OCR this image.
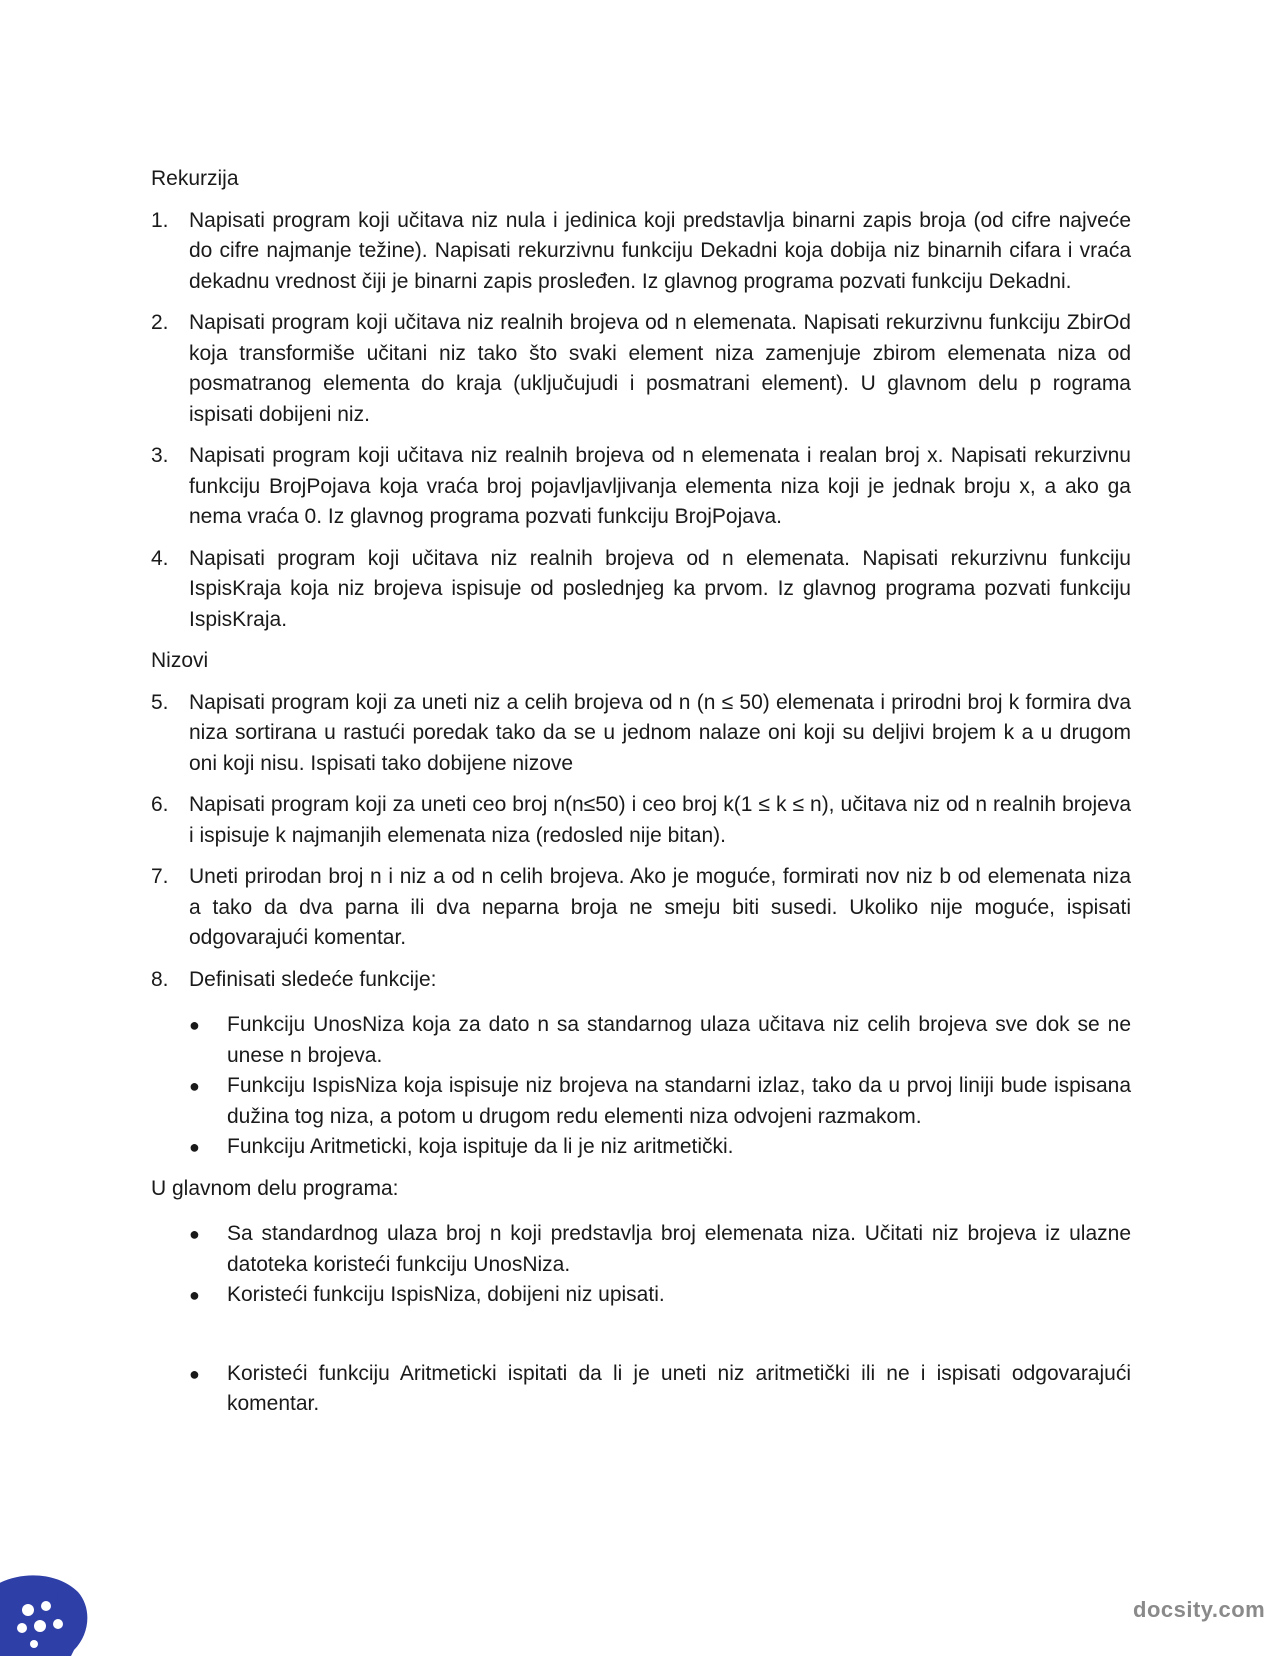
Rekurzija

1. Napisati program koji učitava niz nula i jedinica koji predstavlja binarni zapis broja (od cifre najveće do cifre najmanje težine). Napisati rekurzivnu funkciju Dekadni koja dobija niz binarnih cifara i vraća dekadnu vrednost čiji je binarni zapis prosleđen. Iz glavnog programa pozvati funkciju Dekadni.
2. Napisati program koji učitava niz realnih brojeva od n elemenata. Napisati rekurzivnu funkciju ZbirOd koja transformiše učitani niz tako što svaki element niza zamenjuje zbirom elemenata niza od posmatranog elementa do kraja (uključujudi i posmatrani element). U glavnom delu p rograma ispisati dobijeni niz.
3. Napisati program koji učitava niz realnih brojeva od n elemenata i realan broj x. Napisati rekurzivnu funkciju BrojPojava koja vraća broj pojavljavljivanja elementa niza koji je jednak broju x, a ako ga nema vraća 0. Iz glavnog programa pozvati funkciju BrojPojava.
4. Napisati program koji učitava niz realnih brojeva od n elemenata. Napisati rekurzivnu funkciju IspisKraja koja niz brojeva ispisuje od poslednjeg ka prvom. Iz glavnog programa pozvati funkciju IspisKraja.

Nizovi

5. Napisati program koji za uneti niz a celih brojeva od n (n ≤ 50) elemenata i prirodni broj k formira dva niza sortirana u rastući poredak tako da se u jednom nalaze oni koji su deljivi brojem k a u drugom oni koji nisu. Ispisati tako dobijene nizove
6. Napisati program koji za uneti ceo broj n(n≤50) i ceo broj k(1 ≤ k ≤ n), učitava niz od n realnih brojeva i ispisuje k najmanjih elemenata niza (redosled nije bitan).
7. Uneti prirodan broj n i niz a od n celih brojeva. Ako je moguće, formirati nov niz b od elemenata niza a tako da dva parna ili dva neparna broja ne smeju biti susedi. Ukoliko nije moguće, ispisati odgovarajući komentar.
8. Definisati sledeće funkcije:
●	Funkciju UnosNiza koja za dato n sa standarnog ulaza učitava niz celih brojeva sve dok se ne unese n brojeva.
●	Funkciju IspisNiza koja ispisuje niz brojeva na standarni izlaz, tako da u prvoj liniji bude ispisana dužina tog niza, a potom u drugom redu elementi niza odvojeni razmakom.
●	Funkciju Aritmeticki, koja ispituje da li je niz aritmetički.

U glavnom delu programa:

●	Sa standardnog ulaza broj n koji predstavlja broj elemenata niza. Učitati niz brojeva iz ulazne datoteka koristeći funkciju UnosNiza.
●	Koristeći funkciju IspisNiza, dobijeni niz upisati.
●	Koristeći funkciju Aritmeticki ispitati da li je uneti niz aritmetički ili ne i ispisati odgovarajući komentar.
docsity.com
